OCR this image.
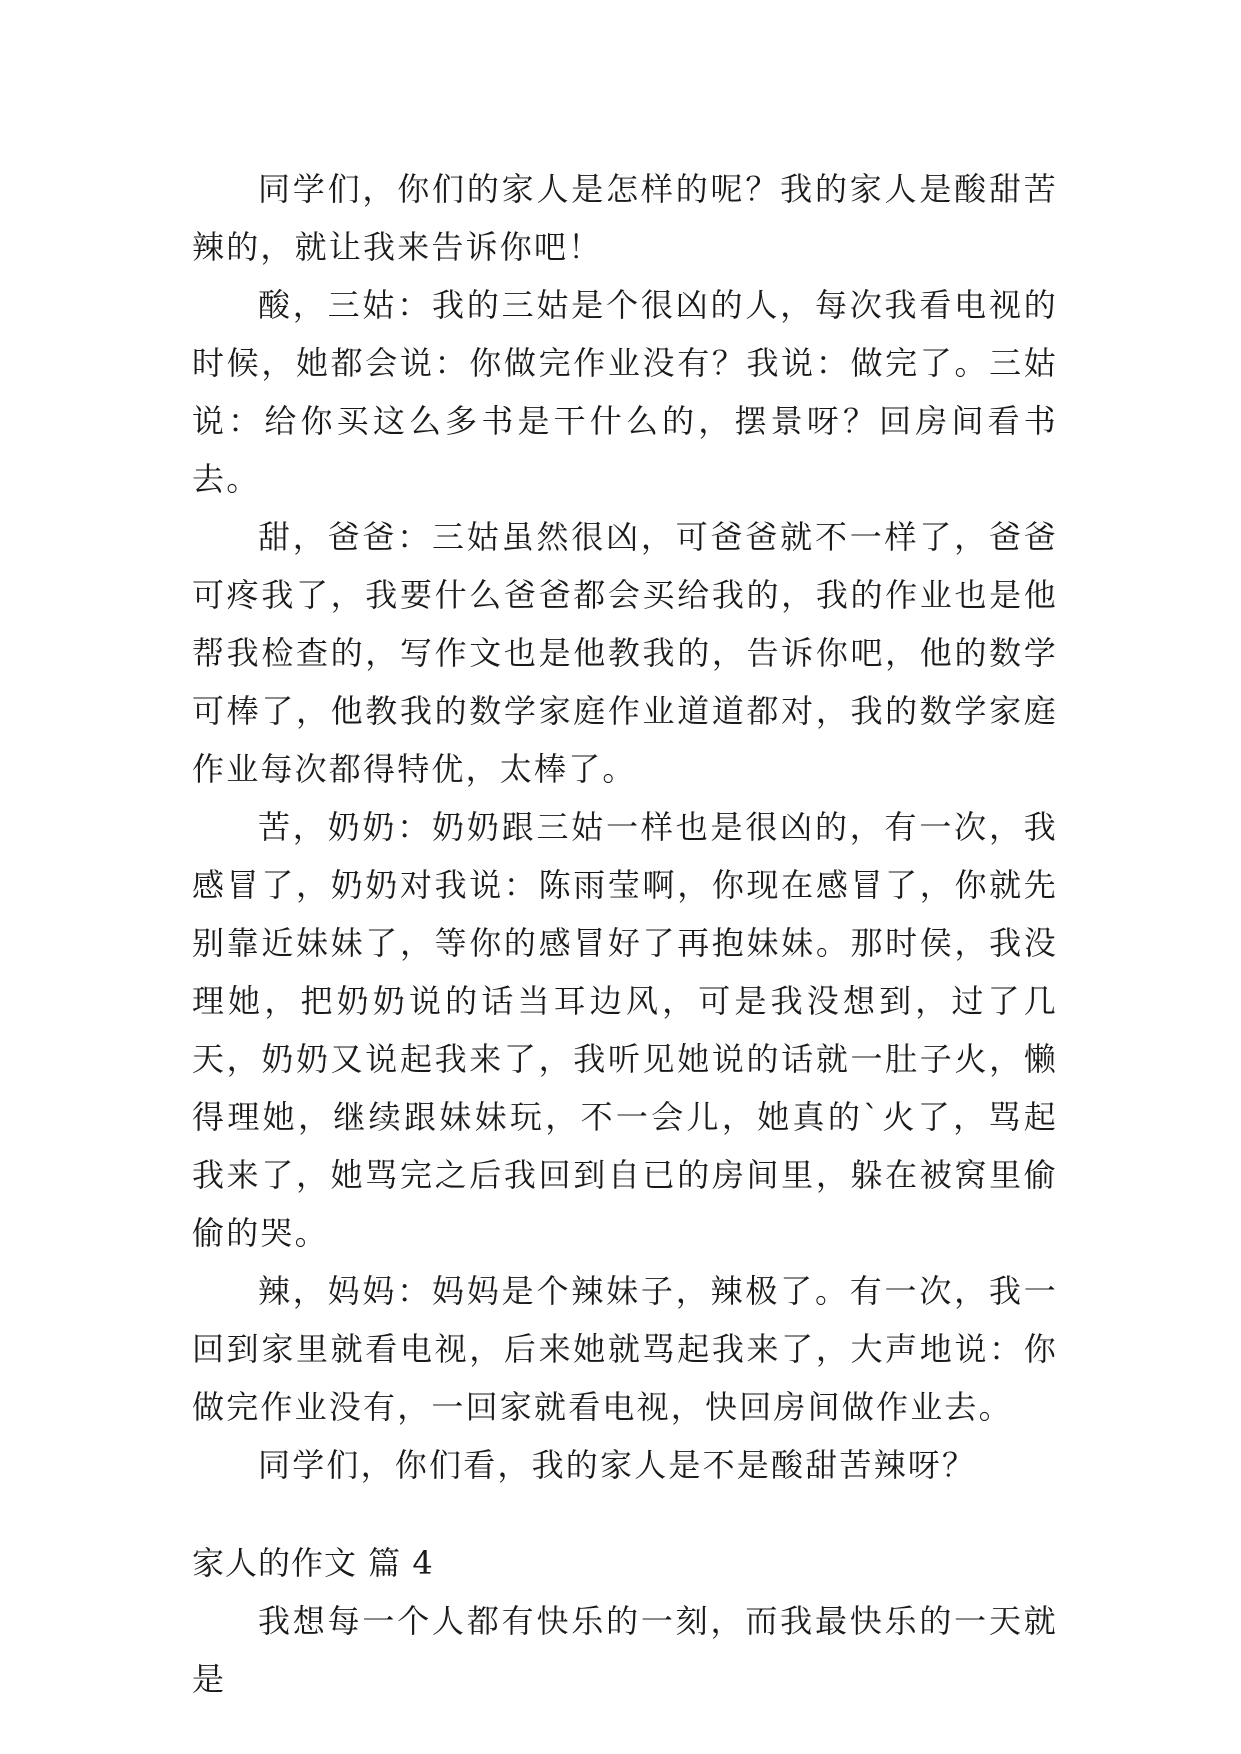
同学们，你们的家人是怎样的呢？我的家人是酸甜苦辣的，就让我来告诉你吧！

酸，三姑：我的三姑是个很凶的人，每次我看电视的时候，她都会说：你做完作业没有？我说：做完了。三姑说：给你买这么多书是干什么的，摆景呀？回房间看书去。

甜，爸爸：三姑虽然很凶，可爸爸就不一样了，爸爸可疼我了，我要什么爸爸都会买给我的，我的作业也是他帮我检查的，写作文也是他教我的，告诉你吧，他的数学可棒了，他教我的数学家庭作业道道都对，我的数学家庭作业每次都得特优，太棒了。

苦，奶奶：奶奶跟三姑一样也是很凶的，有一次，我感冒了，奶奶对我说：陈雨莹啊，你现在感冒了，你就先别靠近妹妹了，等你的感冒好了再抱妹妹。那时侯，我没理她，把奶奶说的话当耳边风，可是我没想到，过了几天，奶奶又说起我来了，我听见她说的话就一肚子火，懒得理她，继续跟妹妹玩，不一会儿，她真的`火了，骂起我来了，她骂完之后我回到自已的房间里，躲在被窝里偷偷的哭。

辣，妈妈：妈妈是个辣妹子，辣极了。有一次，我一回到家里就看电视，后来她就骂起我来了，大声地说：你做完作业没有，一回家就看电视，快回房间做作业去。

同学们，你们看，我的家人是不是酸甜苦辣呀？

家人的作文 篇 4

我想每一个人都有快乐的一刻，而我最快乐的一天就是
